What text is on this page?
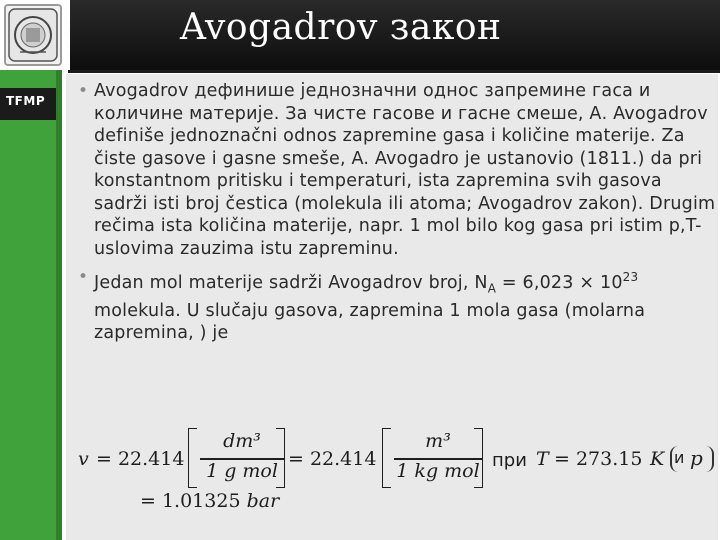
Avogadrov закон
TFMP	• Avogadrov дефинише једнозначни однос запремине гаса и количине материје. За чисте гасове и гасне смеше, А. Avogadrov definiše jednoznačni odnos zapremine gasa i količine materije. Za čiste gasove i gasne smeše, A. Avogadro je ustanovio (1811.) da pri konstantnom pritisku i temperaturi, ista zapremina svih gasova sadrži isti broj čestica (molekula ili atoma; Avogadrov zakon). Drugim rečima ista količina materije, napr. 1 mol bilo kog gasa pri istim p,T-uslovima zauzima istu zapreminu.
• Jedan mol materije sadrži Avogadrov broj, $N_A = 6,023 \times 10^{23}$ molekula. U slučaju gasova, zapremina 1 mola gasa (molarna zapremina, ) je
v = 22.414
dm³
1 g mol
= 22.414
m³
1 kg mol при T = 273.15 K и p
= 1.01325 bar
